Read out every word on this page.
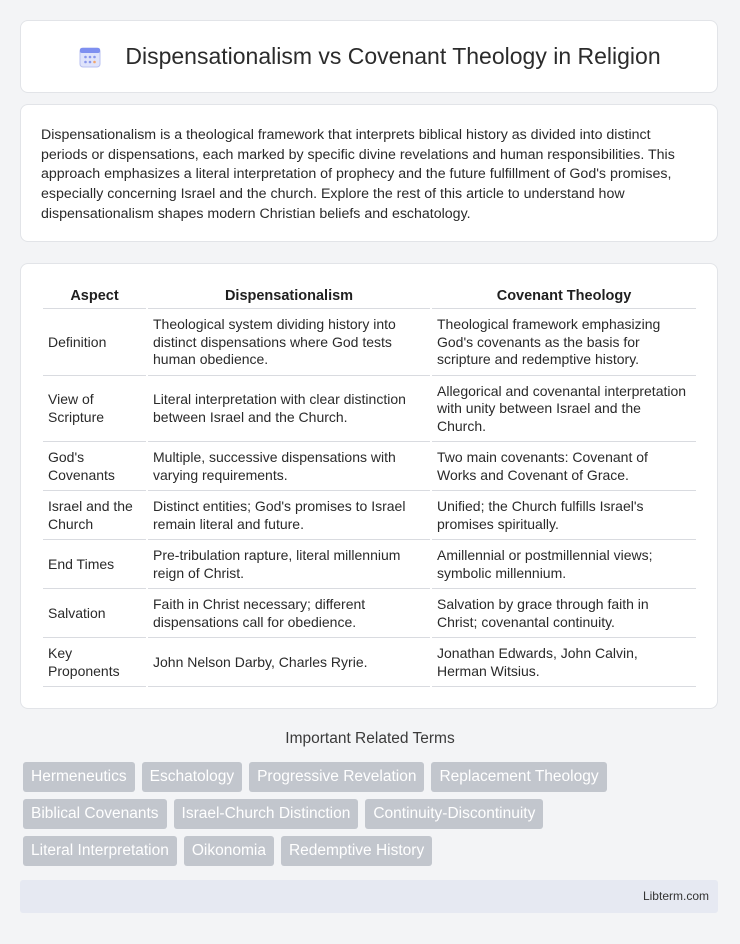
Dispensationalism vs Covenant Theology in Religion

Dispensationalism is a theological framework that interprets biblical history as divided into distinct periods or dispensations, each marked by specific divine revelations and human responsibilities. This approach emphasizes a literal interpretation of prophecy and the future fulfillment of God's promises, especially concerning Israel and the church. Explore the rest of this article to understand how dispensationalism shapes modern Christian beliefs and eschatology.

Aspect	Dispensationalism	Covenant Theology
Definition	Theological system dividing history into distinct dispensations where God tests human obedience.	Theological framework emphasizing God's covenants as the basis for scripture and redemptive history.
View of Scripture	Literal interpretation with clear distinction between Israel and the Church.	Allegorical and covenantal interpretation with unity between Israel and the Church.
God's Covenants	Multiple, successive dispensations with varying requirements.	Two main covenants: Covenant of Works and Covenant of Grace.
Israel and the Church	Distinct entities; God's promises to Israel remain literal and future.	Unified; the Church fulfills Israel's promises spiritually.
End Times	Pre-tribulation rapture, literal millennium reign of Christ.	Amillennial or postmillennial views; symbolic millennium.
Salvation	Faith in Christ necessary; different dispensations call for obedience.	Salvation by grace through faith in Christ; covenantal continuity.
Key Proponents	John Nelson Darby, Charles Ryrie.	Jonathan Edwards, John Calvin, Herman Witsius.
Important Related Terms
Hermeneutics	Eschatology	Progressive Revelation	Replacement Theology
Biblical Covenants	Israel-Church Distinction	Continuity-Discontinuity
Literal Interpretation	Oikonomia	Redemptive History
Libterm.com
